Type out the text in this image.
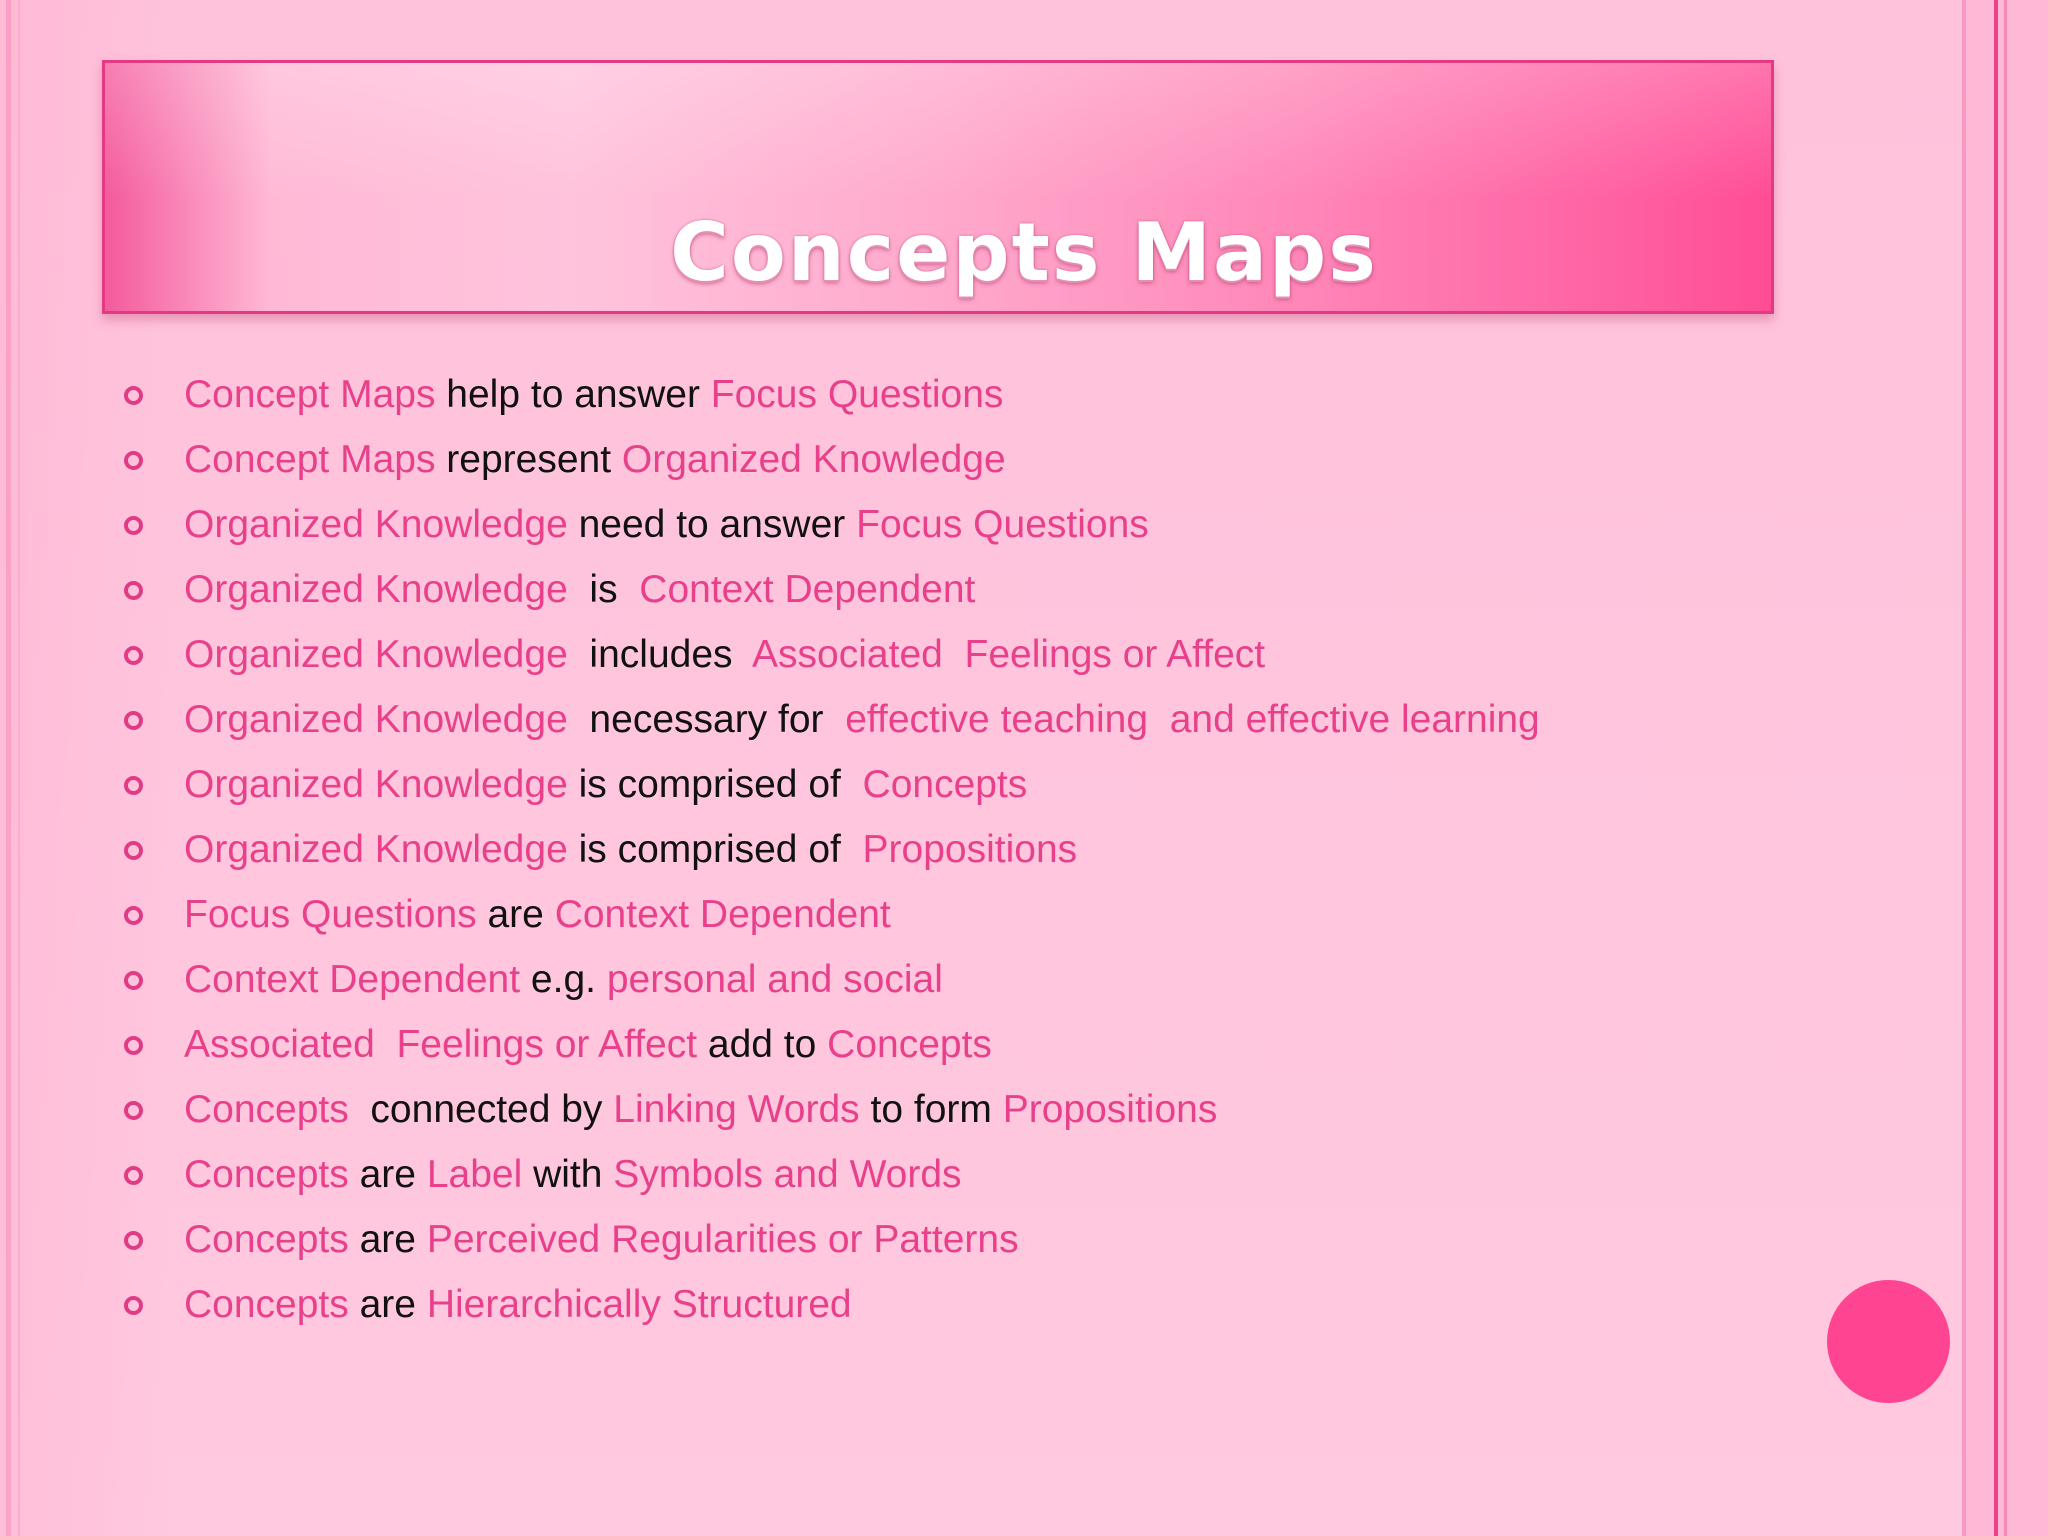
Concepts Maps
Concept Maps help to answer Focus Questions
Concept Maps represent Organized Knowledge
Organized Knowledge need to answer Focus Questions
Organized Knowledge  is  Context Dependent
Organized Knowledge  includes  Associated  Feelings or Affect
Organized Knowledge  necessary for  effective teaching  and effective learning
Organized Knowledge is comprised of  Concepts
Organized Knowledge is comprised of  Propositions
Focus Questions are Context Dependent
Context Dependent e.g. personal and social
Associated  Feelings or Affect add to Concepts
Concepts  connected by Linking Words to form Propositions
Concepts are Label with Symbols and Words
Concepts are Perceived Regularities or Patterns
Concepts are Hierarchically Structured
